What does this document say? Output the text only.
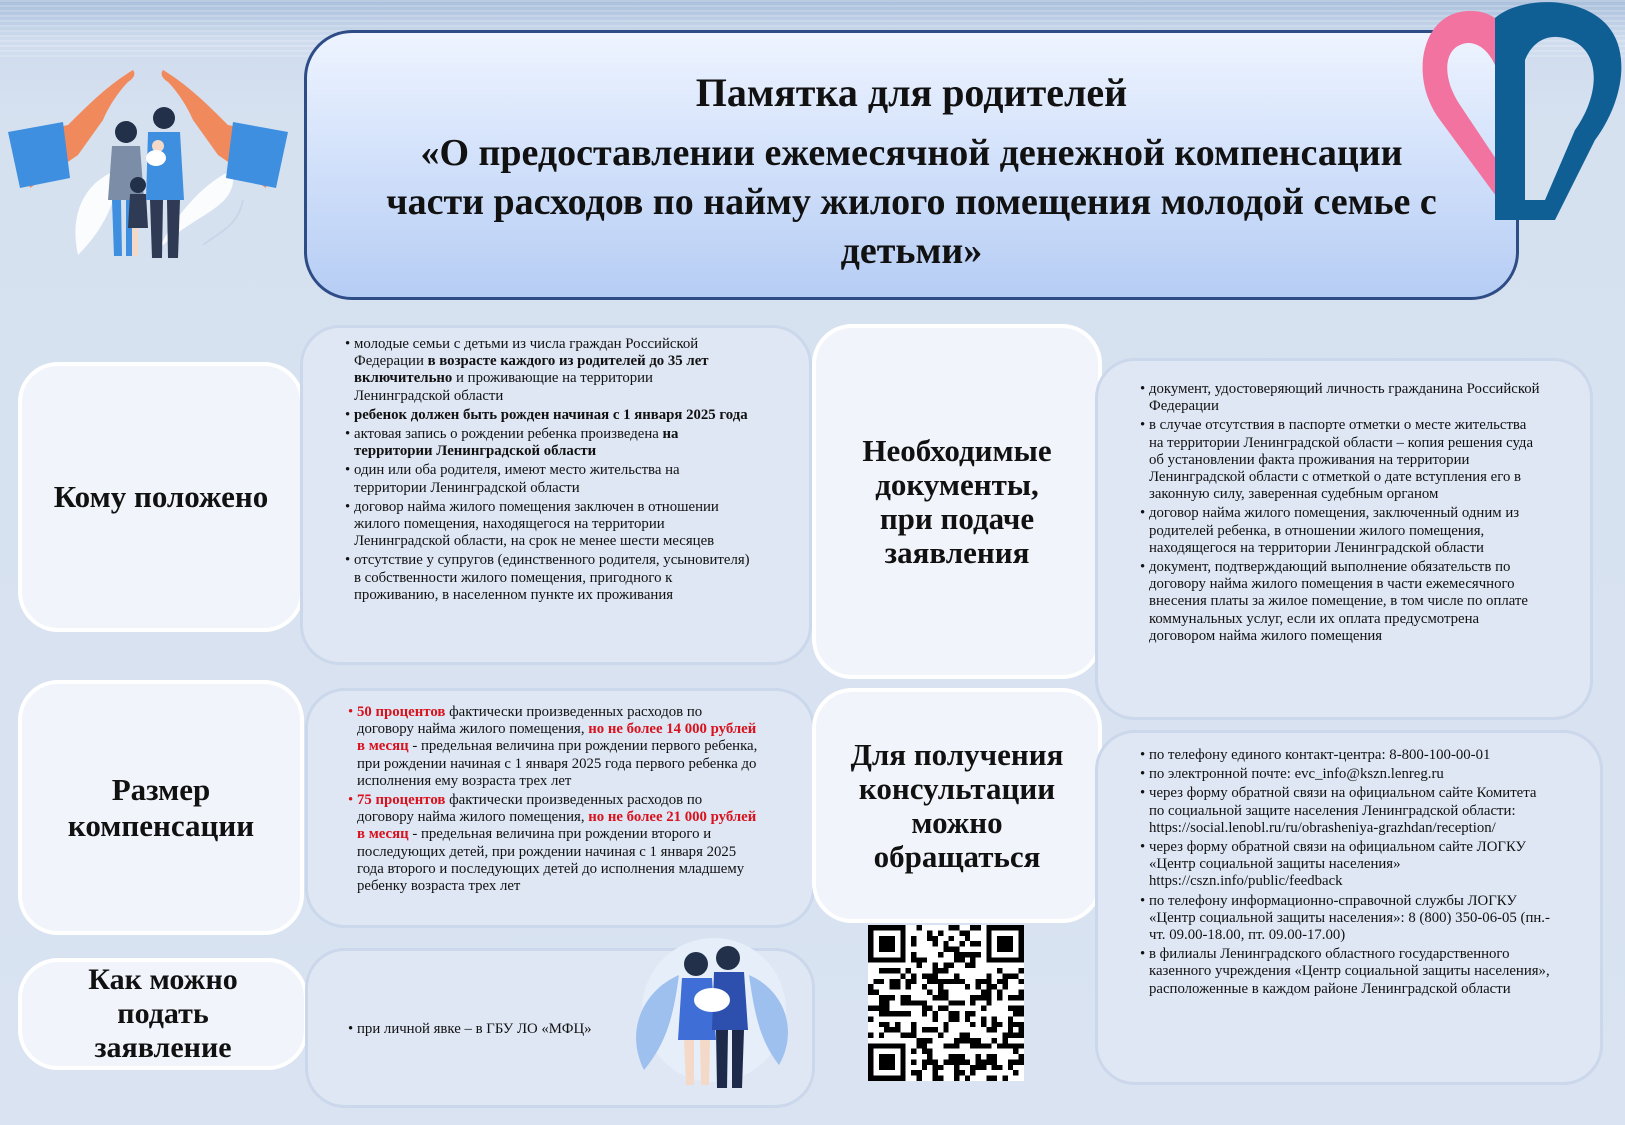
Памятка для родителей
«О предоставлении ежемесячной денежной компенсации части расходов по найму жилого помещения молодой семье с детьми»
Кому положено
• молодые семьи с детьми из числа граждан Российской Федерации в возрасте каждого из родителей до 35 лет включительно и проживающие на территории Ленинградской области
• ребенок должен быть рожден начиная с 1 января 2025 года
• актовая запись о рождении ребенка произведена на территории Ленинградской области
• один или оба родителя, имеют место жительства на территории Ленинградской области
• договор найма жилого помещения заключен в отношении жилого помещения, находящегося на территории Ленинградской области, на срок не менее шести месяцев
• отсутствие у супругов (единственного родителя, усыновителя) в собственности жилого помещения, пригодного к проживанию, в населенном пункте их проживания
Размер компенсации
• 50 процентов фактически произведенных расходов по договору найма жилого помещения, но не более 14 000 рублей в месяц - предельная величина при рождении первого ребенка, при рождении начиная с 1 января 2025 года первого ребенка до исполнения ему возраста трех лет
• 75 процентов фактически произведенных расходов по договору найма жилого помещения, но не более 21 000 рублей в месяц - предельная величина при рождении второго и последующих детей, при рождении начиная с 1 января 2025 года второго и последующих детей до исполнения младшему ребенку возраста трех лет
Как можно подать заявление
• при личной явке – в ГБУ ЛО «МФЦ»
Необходимые документы, при подаче заявления
• документ, удостоверяющий личность гражданина Российской Федерации
• в случае отсутствия в паспорте отметки о месте жительства на территории Ленинградской области – копия решения суда об установлении факта проживания на территории Ленинградской области с отметкой о дате вступления его в законную силу, заверенная судебным органом
• договор найма жилого помещения, заключенный одним из родителей ребенка, в отношении жилого помещения, находящегося на территории Ленинградской области
• документ, подтверждающий выполнение обязательств по договору найма жилого помещения в части ежемесячного внесения платы за жилое помещение, в том числе по оплате коммунальных услуг, если их оплата предусмотрена договором найма жилого помещения
Для получения консультации можно обращаться
• по телефону единого контакт-центра: 8-800-100-00-01
• по электронной почте: evc_info@kszn.lenreg.ru
• через форму обратной связи на официальном сайте Комитета по социальной защите населения Ленинградской области: https://social.lenobl.ru/ru/obrasheniya-grazhdan/reception/
• через форму обратной связи на официальном сайте ЛОГКУ «Центр социальной защиты населения» https://cszn.info/public/feedback
• по телефону информационно-справочной службы ЛОГКУ «Центр социальной защиты населения»: 8 (800) 350-06-05 (пн.-чт. 09.00-18.00, пт. 09.00-17.00)
• в филиалы Ленинградского областного государственного казенного учреждения «Центр социальной защиты населения», расположенные в каждом районе Ленинградской области
